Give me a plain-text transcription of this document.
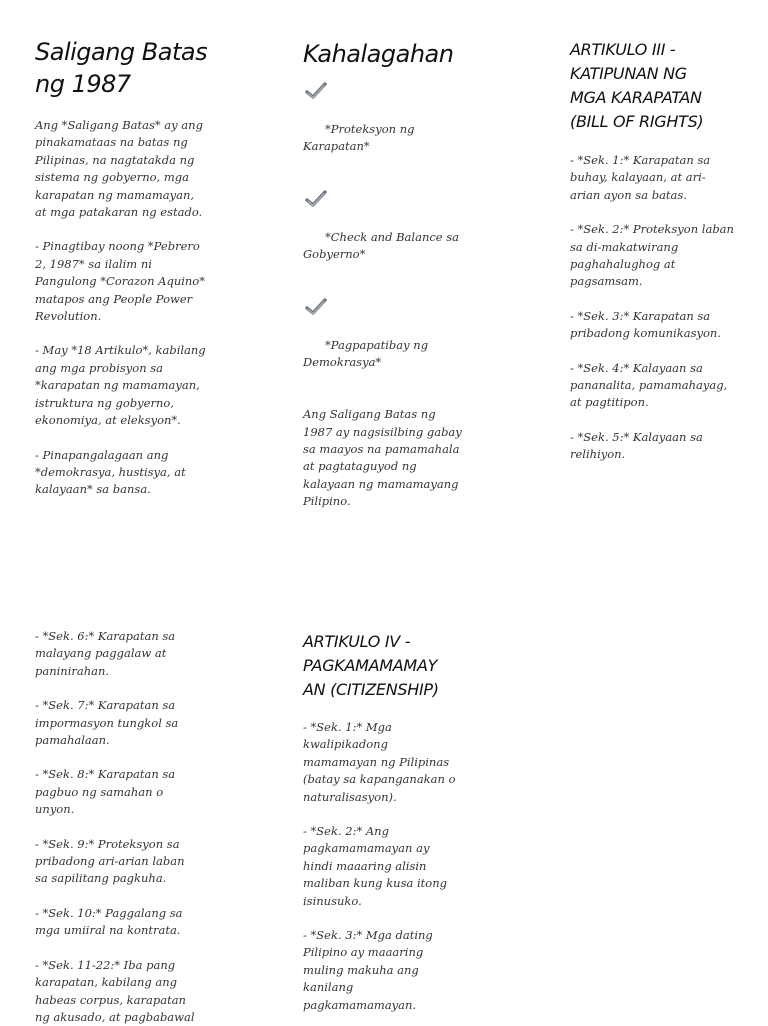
Saligang Batas
ng 1987

Ang *Saligang Batas* ay ang
pinakamataas na batas ng
Pilipinas, na nagtatakda ng
sistema ng gobyerno, mga
karapatan ng mamamayan,
at mga patakaran ng estado.

- Pinagtibay noong *Pebrero
2, 1987* sa ilalim ni
Pangulong *Corazon Aquino*
matapos ang People Power
Revolution.

- May *18 Artikulo*, kabilang
ang mga probisyon sa
*karapatan ng mamamayan,
istruktura ng gobyerno,
ekonomiya, at eleksyon*.

- Pinapangalagaan ang
*demokrasya, hustisya, at
kalayaan* sa bansa.

Kahalagahan

*Proteksyon ng
Karapatan*

*Check and Balance sa
Gobyerno*

*Pagpapatibay ng
Demokrasya*

Ang Saligang Batas ng
1987 ay nagsisilbing gabay
sa maayos na pamamahala
at pagtataguyod ng
kalayaan ng mamamayang
Pilipino.

ARTIKULO III -
KATIPUNAN NG
MGA KARAPATAN
(BILL OF RIGHTS)

- *Sek. 1:* Karapatan sa
buhay, kalayaan, at ari-
arian ayon sa batas.

- *Sek. 2:* Proteksyon laban
sa di-makatwirang
paghahalughog at
pagsamsam.

- *Sek. 3:* Karapatan sa
pribadong komunikasyon.

- *Sek. 4:* Kalayaan sa
pananalita, pamamahayag,
at pagtitipon.

- *Sek. 5:* Kalayaan sa
relihiyon.

- *Sek. 6:* Karapatan sa
malayang paggalaw at
paninirahan.

- *Sek. 7:* Karapatan sa
impormasyon tungkol sa
pamahalaan.

- *Sek. 8:* Karapatan sa
pagbuo ng samahan o
unyon.

- *Sek. 9:* Proteksyon sa
pribadong ari-arian laban
sa sapilitang pagkuha.

- *Sek. 10:* Paggalang sa
mga umiiral na kontrata.

- *Sek. 11-22:* Iba pang
karapatan, kabilang ang
habeas corpus, karapatan
ng akusado, at pagbabawal

ARTIKULO IV -
PAGKAMAMAMAY
AN (CITIZENSHIP)

- *Sek. 1:* Mga
kwalipikadong
mamamayan ng Pilipinas
(batay sa kapanganakan o
naturalisasyon).

- *Sek. 2:* Ang
pagkamamamayan ay
hindi maaaring alisin
maliban kung kusa itong
isinusuko.

- *Sek. 3:* Mga dating
Pilipino ay maaaring
muling makuha ang
kanilang
pagkamamamayan.
